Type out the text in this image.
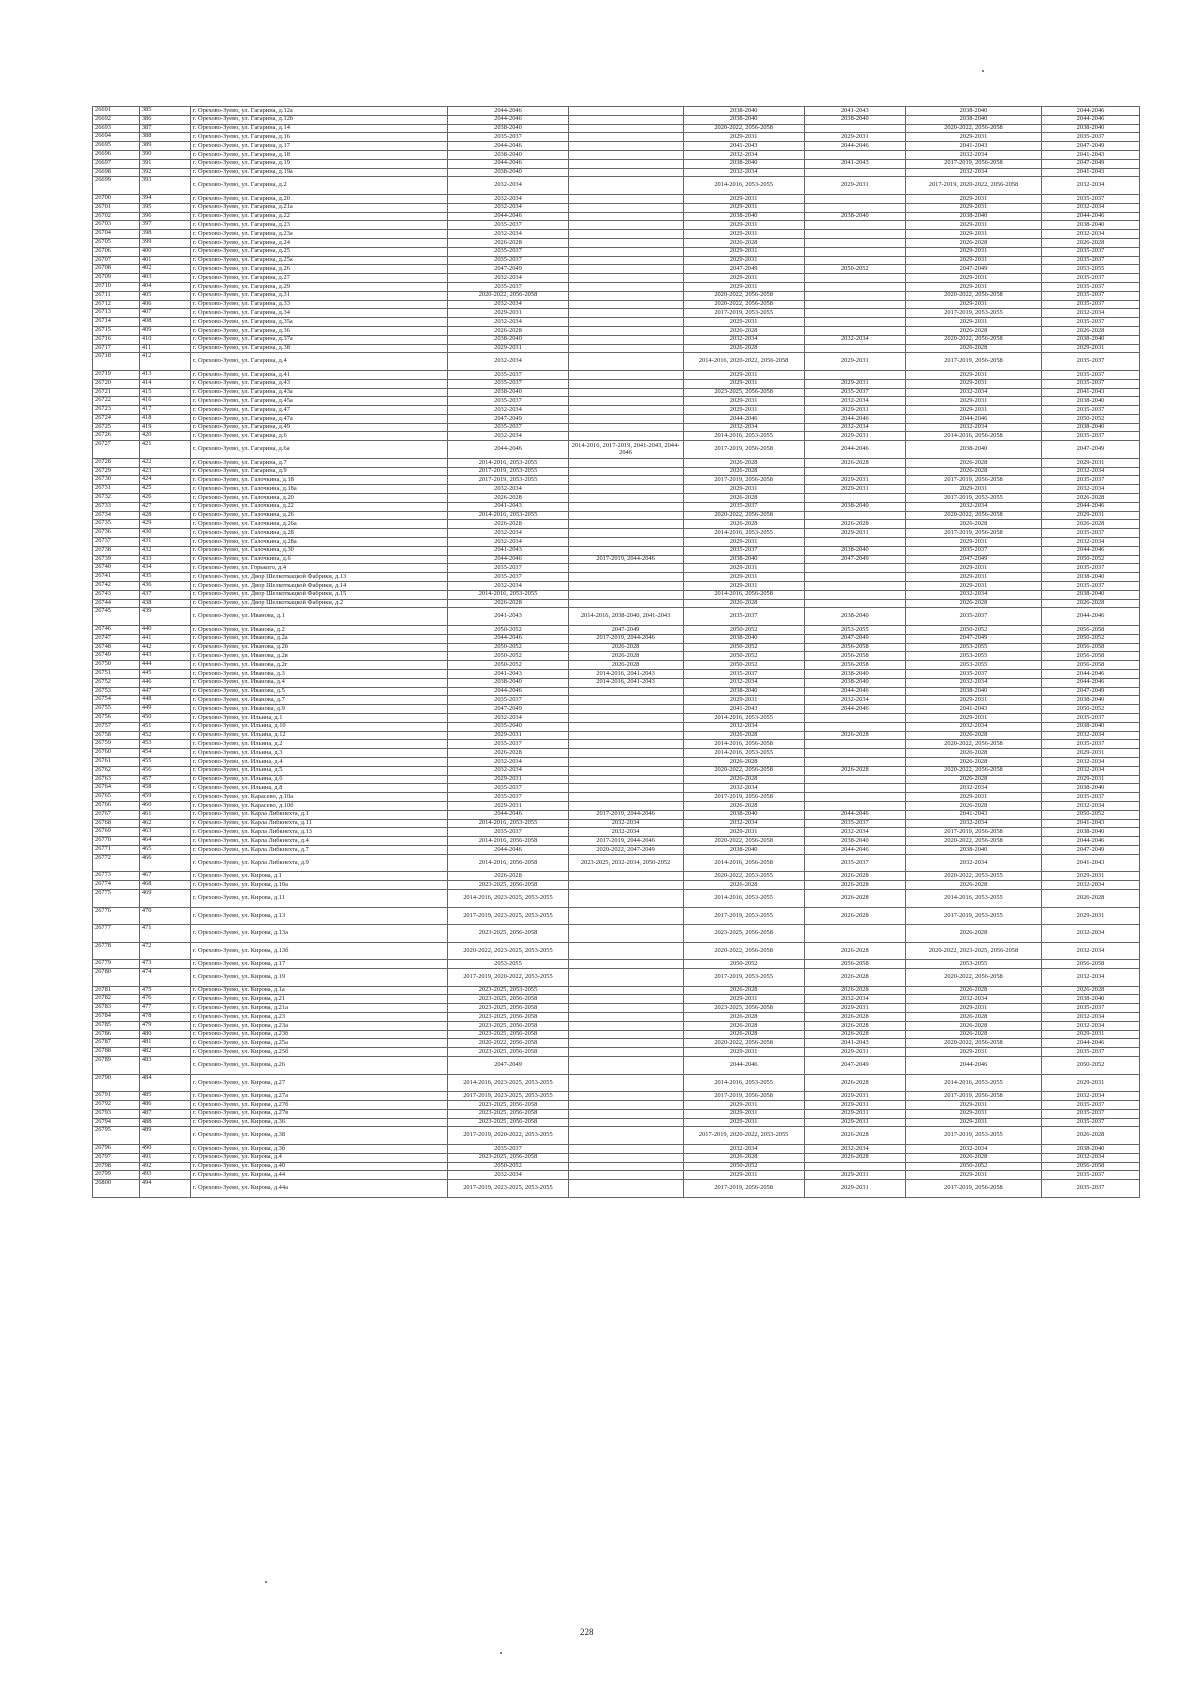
26691	385	г. Орехово-Зуево, ул. Гагарина, д.12а	2044-2046		2038-2040	2041-2043	2038-2040	2044-2046
26692	386	г. Орехово-Зуево, ул. Гагарина, д.12б	2044-2046		2038-2040	2038-2040	2038-2040	2044-2046
26693	387	г. Орехово-Зуево, ул. Гагарина, д.14	2038-2040		2020-2022, 2056-2058		2020-2022, 2056-2058	2038-2040
26694	388	г. Орехово-Зуево, ул. Гагарина, д.16	2035-2037		2029-2031	2029-2031	2029-2031	2035-2037
26695	389	г. Орехово-Зуево, ул. Гагарина, д.17	2044-2046		2041-2043	2044-2046	2041-2043	2047-2049
26696	390	г. Орехово-Зуево, ул. Гагарина, д.18	2038-2040		2032-2034		2032-2034	2041-2043
26697	391	г. Орехово-Зуево, ул. Гагарина, д.19	2044-2046		2038-2040	2041-2043	2017-2019, 2056-2058	2047-2049
26698	392	г. Орехово-Зуево, ул. Гагарина, д.19а	2038-2040		2032-2034		2032-2034	2041-2043
26699	393	г. Орехово-Зуево, ул. Гагарина, д.2	2032-2034		2014-2016, 2053-2055	2029-2031	2017-2019, 2020-2022, 2056-2058	2032-2034
26700	394	г. Орехово-Зуево, ул. Гагарина, д.20	2032-2034		2029-2031		2029-2031	2035-2037
26701	395	г. Орехово-Зуево, ул. Гагарина, д.21а	2032-2034		2029-2031		2029-2031	2032-2034
26702	396	г. Орехово-Зуево, ул. Гагарина, д.22	2044-2046		2038-2040	2038-2040	2038-2040	2044-2046
26703	397	г. Орехово-Зуево, ул. Гагарина, д.23	2035-2037		2029-2031		2029-2031	2038-2040
26704	398	г. Орехово-Зуево, ул. Гагарина, д.23а	2032-2034		2029-2031		2029-2031	2032-2034
26705	399	г. Орехово-Зуево, ул. Гагарина, д.24	2026-2028		2026-2028		2026-2028	2026-2028
26706	400	г. Орехово-Зуево, ул. Гагарина, д.25	2035-2037		2029-2031		2029-2031	2035-2037
26707	401	г. Орехово-Зуево, ул. Гагарина, д.25а	2035-2037		2029-2031		2029-2031	2035-2037
26708	402	г. Орехово-Зуево, ул. Гагарина, д.26	2047-2049		2047-2049	2050-2052	2047-2049	2053-2055
26709	403	г. Орехово-Зуево, ул. Гагарина, д.27	2032-2034		2029-2031		2029-2031	2035-2037
26710	404	г. Орехово-Зуево, ул. Гагарина, д.29	2035-2037		2029-2031		2029-2031	2035-2037
26711	405	г. Орехово-Зуево, ул. Гагарина, д.31	2020-2022, 2056-2058		2020-2022, 2056-2058		2020-2022, 2056-2058	2035-2037
26712	406	г. Орехово-Зуево, ул. Гагарина, д.33	2032-2034		2020-2022, 2056-2058		2029-2031	2035-2037
26713	407	г. Орехово-Зуево, ул. Гагарина, д.34	2029-2031		2017-2019, 2053-2055		2017-2019, 2053-2055	2032-2034
26714	408	г. Орехово-Зуево, ул. Гагарина, д.35а	2032-2034		2029-2031		2029-2031	2035-2037
26715	409	г. Орехово-Зуево, ул. Гагарина, д.36	2026-2028		2026-2028		2026-2028	2026-2028
26716	410	г. Орехово-Зуево, ул. Гагарина, д.37а	2038-2040		2032-2034	2032-2034	2020-2022, 2056-2058	2038-2040
26717	411	г. Орехово-Зуево, ул. Гагарина, д.38	2029-2031		2026-2028		2026-2028	2029-2031
26718	412	г. Орехово-Зуево, ул. Гагарина, д.4	2032-2034		2014-2016, 2020-2022, 2056-2058	2029-2031	2017-2019, 2056-2058	2035-2037
26719	413	г. Орехово-Зуево, ул. Гагарина, д.41	2035-2037		2029-2031		2029-2031	2035-2037
26720	414	г. Орехово-Зуево, ул. Гагарина, д.43	2035-2037		2029-2031	2029-2031	2029-2031	2035-2037
26721	415	г. Орехово-Зуево, ул. Гагарина, д.43а	2038-2040		2023-2025, 2056-2058	2035-2037	2032-2034	2041-2043
26722	416	г. Орехово-Зуево, ул. Гагарина, д.45а	2035-2037		2029-2031	2032-2034	2029-2031	2038-2040
26723	417	г. Орехово-Зуево, ул. Гагарина, д.47	2032-2034		2029-2031	2029-2031	2029-2031	2035-2037
26724	418	г. Орехово-Зуево, ул. Гагарина, д.47а	2047-2049		2044-2046	2044-2046	2044-2046	2050-2052
26725	419	г. Орехово-Зуево, ул. Гагарина, д.49	2035-2037		2032-2034	2032-2034	2032-2034	2038-2040
26726	420	г. Орехово-Зуево, ул. Гагарина, д.6	2032-2034		2014-2016, 2053-2055	2029-2031	2014-2016, 2056-2058	2035-2037
26727	421	г. Орехово-Зуево, ул. Гагарина, д.6а	2044-2046	2014-2016, 2017-2019, 2041-2043, 2044-2046	2017-2019, 2056-2058	2044-2046	2038-2040	2047-2049
26728	422	г. Орехово-Зуево, ул. Гагарина, д.7	2014-2016, 2053-2055		2026-2028	2026-2028	2026-2028	2029-2031
26729	423	г. Орехово-Зуево, ул. Гагарина, д.9	2017-2019, 2053-2055		2026-2028		2026-2028	2032-2034
26730	424	г. Орехово-Зуево, ул. Галочкина, д.18	2017-2019, 2053-2055		2017-2019, 2056-2058	2029-2031	2017-2019, 2056-2058	2035-2037
26731	425	г. Орехово-Зуево, ул. Галочкина, д.18а	2032-2034		2029-2031	2029-2031	2029-2031	2032-2034
26732	426	г. Орехово-Зуево, ул. Галочкина, д.20	2026-2028		2026-2028		2017-2019, 2053-2055	2026-2028
26733	427	г. Орехово-Зуево, ул. Галочкина, д.22	2041-2043		2035-2037	2038-2040	2032-2034	2044-2046
26734	428	г. Орехово-Зуево, ул. Галочкина, д.26	2014-2016, 2053-2055		2020-2022, 2056-2058		2020-2022, 2056-2058	2029-2031
26735	429	г. Орехово-Зуево, ул. Галочкина, д.26а	2026-2028		2026-2028	2026-2028	2026-2028	2026-2028
26736	430	г. Орехово-Зуево, ул. Галочкина, д.28	2032-2034		2014-2016, 2053-2055	2029-2031	2017-2019, 2056-2058	2035-2037
26737	431	г. Орехово-Зуево, ул. Галочкина, д.28а	2032-2034		2029-2031		2029-2031	2032-2034
26738	432	г. Орехово-Зуево, ул. Галочкина, д.30	2041-2043		2035-2037	2038-2040	2035-2037	2044-2046
26739	433	г. Орехово-Зуево, ул. Галочкина, д.6	2044-2046	2017-2019, 2044-2046	2038-2040	2047-2049	2047-2049	2050-2052
26740	434	г. Орехово-Зуево, ул. Горького, д.4	2035-2037		2029-2031		2029-2031	2035-2037
26741	435	г. Орехово-Зуево, ул. Двор Шелкоткацкой Фабрики, д.13	2035-2037		2029-2031		2029-2031	2038-2040
26742	436	г. Орехово-Зуево, ул. Двор Шелкоткацкой Фабрики, д.14	2032-2034		2029-2031		2029-2031	2035-2037
26743	437	г. Орехово-Зуево, ул. Двор Шелкоткацкой Фабрики, д.15	2014-2016, 2053-2055		2014-2016, 2056-2058		2032-2034	2038-2040
26744	438	г. Орехово-Зуево, ул. Двор Шелкоткацкой Фабрики, д.2	2026-2028		2026-2028		2026-2028	2026-2028
26745	439	г. Орехово-Зуево, ул. Иванова, д.1	2041-2043	2014-2016, 2038-2040, 2041-2043	2035-2037	2038-2040	2035-2037	2044-2046
26746	440	г. Орехово-Зуево, ул. Иванова, д.2	2050-2052	2047-2049	2050-2052	2053-2055	2050-2052	2056-2058
26747	441	г. Орехово-Зуево, ул. Иванова, д.2а	2044-2046	2017-2019, 2044-2046	2038-2040	2047-2049	2047-2049	2050-2052
26748	442	г. Орехово-Зуево, ул. Иванова, д.2б	2050-2052	2026-2028	2050-2052	2056-2058	2053-2055	2056-2058
26749	443	г. Орехово-Зуево, ул. Иванова, д.2в	2050-2052	2026-2028	2050-2052	2056-2058	2053-2055	2056-2058
26750	444	г. Орехово-Зуево, ул. Иванова, д.2г	2050-2052	2026-2028	2050-2052	2056-2058	2053-2055	2056-2058
26751	445	г. Орехово-Зуево, ул. Иванова, д.3	2041-2043	2014-2016, 2041-2043	2035-2037	2038-2040	2035-2037	2044-2046
26752	446	г. Орехово-Зуево, ул. Иванова, д.4	2038-2040	2014-2016, 2041-2043	2032-2034	2038-2040	2032-2034	2044-2046
26753	447	г. Орехово-Зуево, ул. Иванова, д.5	2044-2046		2038-2040	2044-2046	2038-2040	2047-2049
26754	448	г. Орехово-Зуево, ул. Иванова, д.7	2035-2037		2029-2031	2032-2034	2029-2031	2038-2040
26755	449	г. Орехово-Зуево, ул. Иванова, д.9	2047-2049		2041-2043	2044-2046	2041-2043	2050-2052
26756	450	г. Орехово-Зуево, ул. Ильина, д.1	2032-2034		2014-2016, 2053-2055		2029-2031	2035-2037
26757	451	г. Орехово-Зуево, ул. Ильина, д.10	2035-2040		2032-2034		2032-2034	2038-2040
26758	452	г. Орехово-Зуево, ул. Ильина, д.12	2029-2031		2026-2028	2026-2028	2026-2028	2032-2034
26759	453	г. Орехово-Зуево, ул. Ильина, д.2	2035-2037		2014-2016, 2056-2058		2020-2022, 2056-2058	2035-2037
26760	454	г. Орехово-Зуево, ул. Ильина, д.3	2026-2028		2014-2016, 2053-2055		2026-2028	2029-2031
26761	455	г. Орехово-Зуево, ул. Ильина, д.4	2032-2034		2026-2028		2026-2028	2032-2034
26762	456	г. Орехово-Зуево, ул. Ильина, д.5	2032-2034		2020-2022, 2056-2058	2026-2028	2020-2022, 2056-2058	2032-2034
26763	457	г. Орехово-Зуево, ул. Ильина, д.6	2029-2031		2026-2028		2026-2028	2029-2031
26764	458	г. Орехово-Зуево, ул. Ильина, д.8	2035-2037		2032-2034		2032-2034	2038-2040
26765	459	г. Орехово-Зуево, ул. Карасево, д.10а	2035-2037		2017-2019, 2056-2058		2029-2031	2035-2037
26766	460	г. Орехово-Зуево, ул. Карасево, д.10б	2029-2031		2026-2028		2026-2028	2032-2034
26767	461	г. Орехово-Зуево, ул. Карла Либкнехта, д.1	2044-2046	2017-2019, 2044-2046	2038-2040	2044-2046	2041-2043	2050-2052
26768	462	г. Орехово-Зуево, ул. Карла Либкнехта, д.11	2014-2016, 2053-2055	2032-2034	2032-2034	2035-2037	2032-2034	2041-2043
26769	463	г. Орехово-Зуево, ул. Карла Либкнехта, д.13	2035-2037	2032-2034	2029-2031	2032-2034	2017-2019, 2056-2058	2038-2040
26770	464	г. Орехово-Зуево, ул. Карла Либкнехта, д.4	2014-2016, 2056-2058	2017-2019, 2044-2046	2020-2022, 2056-2058	2038-2040	2020-2022, 2056-2058	2044-2046
26771	465	г. Орехово-Зуево, ул. Карла Либкнехта, д.7	2044-2046	2020-2022, 2047-2049	2038-2040	2044-2046	2038-2040	2047-2049
26772	466	г. Орехово-Зуево, ул. Карла Либкнехта, д.9	2014-2016, 2056-2058	2023-2025, 2032-2034, 2050-2052	2014-2016, 2056-2058	2035-2037	2032-2034	2041-2043
26773	467	г. Орехово-Зуево, ул. Кирова, д.1	2026-2028		2020-2022, 2053-2055	2026-2028	2020-2022, 2053-2055	2029-2031
26774	468	г. Орехово-Зуево, ул. Кирова, д.10а	2023-2025, 2056-2058		2026-2028	2026-2028	2026-2028	2032-2034
26775	469	г. Орехово-Зуево, ул. Кирова, д.11	2014-2016, 2023-2025, 2053-2055		2014-2016, 2053-2055	2026-2028	2014-2016, 2053-2055	2026-2028
26776	470	г. Орехово-Зуево, ул. Кирова, д.13	2017-2019, 2023-2025, 2053-2055		2017-2019, 2053-2055	2026-2028	2017-2019, 2053-2055	2029-2031
26777	471	г. Орехово-Зуево, ул. Кирова, д.13а	2023-2025, 2056-2058		2023-2025, 2056-2058		2026-2028	2032-2034
26778	472	г. Орехово-Зуево, ул. Кирова, д.13б	2020-2022, 2023-2025, 2053-2055		2020-2022, 2056-2058	2026-2028	2020-2022, 2023-2025, 2056-2058	2032-2034
26779	473	г. Орехово-Зуево, ул. Кирова, д.17	2053-2055		2050-2052	2056-2058	2053-2055	2056-2058
26780	474	г. Орехово-Зуево, ул. Кирова, д.19	2017-2019, 2020-2022, 2053-2055		2017-2019, 2053-2055	2026-2028	2020-2022, 2056-2058	2032-2034
26781	475	г. Орехово-Зуево, ул. Кирова, д.1а	2023-2025, 2053-2055		2026-2028	2026-2028	2026-2028	2026-2028
26782	476	г. Орехово-Зуево, ул. Кирова, д.21	2023-2025, 2056-2058		2029-2031	2032-2034	2032-2034	2038-2040
26783	477	г. Орехово-Зуево, ул. Кирова, д.21а	2023-2025, 2056-2058		2023-2025, 2056-2058	2029-2031	2029-2031	2035-2037
26784	478	г. Орехово-Зуево, ул. Кирова, д.23	2023-2025, 2056-2058		2026-2028	2026-2028	2026-2028	2032-2034
26785	479	г. Орехово-Зуево, ул. Кирова, д.23а	2023-2025, 2056-2058		2026-2028	2026-2028	2026-2028	2032-2034
26786	480	г. Орехово-Зуево, ул. Кирова, д.23б	2023-2025, 2056-2058		2026-2028	2026-2028	2026-2028	2029-2031
26787	481	г. Орехово-Зуево, ул. Кирова, д.25а	2020-2022, 2056-2058		2020-2022, 2056-2058	2041-2043	2020-2022, 2056-2058	2044-2046
26788	482	г. Орехово-Зуево, ул. Кирова, д.25б	2023-2025, 2056-2058		2029-2031	2029-2031	2029-2031	2035-2037
26789	483	г. Орехово-Зуево, ул. Кирова, д.26	2047-2049		2044-2046	2047-2049	2044-2046	2050-2052
26790	484	г. Орехово-Зуево, ул. Кирова, д.27	2014-2016, 2023-2025, 2053-2055		2014-2016, 2053-2055	2026-2028	2014-2016, 2053-2055	2029-2031
26791	485	г. Орехово-Зуево, ул. Кирова, д.27а	2017-2019, 2023-2025, 2053-2055		2017-2019, 2056-2058	2029-2031	2017-2019, 2056-2058	2032-2034
26792	486	г. Орехово-Зуево, ул. Кирова, д.27б	2023-2025, 2056-2058		2029-2031	2029-2031	2029-2031	2035-2037
26793	487	г. Орехово-Зуево, ул. Кирова, д.27в	2023-2025, 2056-2058		2029-2031	2029-2031	2029-2031	2035-2037
26794	488	г. Орехово-Зуево, ул. Кирова, д.36	2023-2025, 2056-2058		2029-2031	2029-2031	2029-2031	2035-2037
26795	489	г. Орехово-Зуево, ул. Кирова, д.38	2017-2019, 2020-2022, 2053-2055		2017-2019, 2020-2022, 2053-2055	2026-2028	2017-2019, 2053-2055	2026-2028
26796	490	г. Орехово-Зуево, ул. Кирова, д.3б	2035-2037		2032-2034	2032-2034	2032-2034	2038-2040
26797	491	г. Орехово-Зуево, ул. Кирова, д.4	2023-2025, 2056-2058		2026-2028	2026-2028	2026-2028	2032-2034
26798	492	г. Орехово-Зуево, ул. Кирова, д.40	2050-2052		2050-2052		2050-2052	2056-2058
26799	493	г. Орехово-Зуево, ул. Кирова, д.44	2032-2034		2029-2031	2029-2031	2029-2031	2035-2037
26800	494	г. Орехово-Зуево, ул. Кирова, д.44а	2017-2019, 2023-2025, 2053-2055		2017-2019, 2056-2058	2029-2031	2017-2019, 2056-2058	2035-2037
228
